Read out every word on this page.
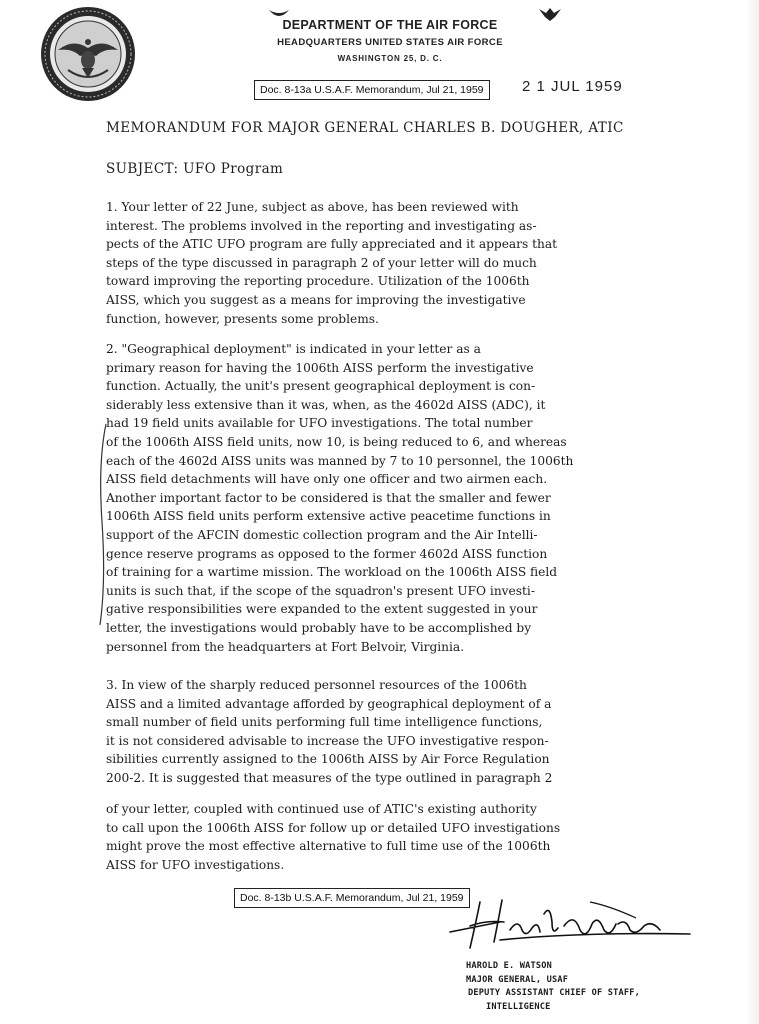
DEPARTMENT OF THE AIR FORCE
HEADQUARTERS UNITED STATES AIR FORCE
WASHINGTON 25, D. C.
Doc. 8-13a U.S.A.F. Memorandum, Jul 21, 1959	2 1 JUL 1959
MEMORANDUM FOR MAJOR GENERAL CHARLES B. DOUGHER, ATIC
SUBJECT: UFO Program
1. Your letter of 22 June, subject as above, has been reviewed with
interest. The problems involved in the reporting and investigating as-
pects of the ATIC UFO program are fully appreciated and it appears that
steps of the type discussed in paragraph 2 of your letter will do much
toward improving the reporting procedure. Utilization of the 1006th
AISS, which you suggest as a means for improving the investigative
function, however, presents some problems.
2. "Geographical deployment" is indicated in your letter as a
primary reason for having the 1006th AISS perform the investigative
function. Actually, the unit's present geographical deployment is con-
siderably less extensive than it was, when, as the 4602d AISS (ADC), it
had 19 field units available for UFO investigations. The total number
of the 1006th AISS field units, now 10, is being reduced to 6, and whereas
each of the 4602d AISS units was manned by 7 to 10 personnel, the 1006th
AISS field detachments will have only one officer and two airmen each.
Another important factor to be considered is that the smaller and fewer
1006th AISS field units perform extensive active peacetime functions in
support of the AFCIN domestic collection program and the Air Intelli-
gence reserve programs as opposed to the former 4602d AISS function
of training for a wartime mission. The workload on the 1006th AISS field
units is such that, if the scope of the squadron's present UFO investi-
gative responsibilities were expanded to the extent suggested in your
letter, the investigations would probably have to be accomplished by
personnel from the headquarters at Fort Belvoir, Virginia.
3. In view of the sharply reduced personnel resources of the 1006th
AISS and a limited advantage afforded by geographical deployment of a
small number of field units performing full time intelligence functions,
it is not considered advisable to increase the UFO investigative respon-
sibilities currently assigned to the 1006th AISS by Air Force Regulation
200-2. It is suggested that measures of the type outlined in paragraph 2
of your letter, coupled with continued use of ATIC's existing authority
to call upon the 1006th AISS for follow up or detailed UFO investigations
might prove the most effective alternative to full time use of the 1006th
AISS for UFO investigations.
Doc. 8-13b U.S.A.F. Memorandum, Jul 21, 1959
HAROLD E. WATSON
MAJOR GENERAL, USAF
DEPUTY ASSISTANT CHIEF OF STAFF,
INTELLIGENCE
